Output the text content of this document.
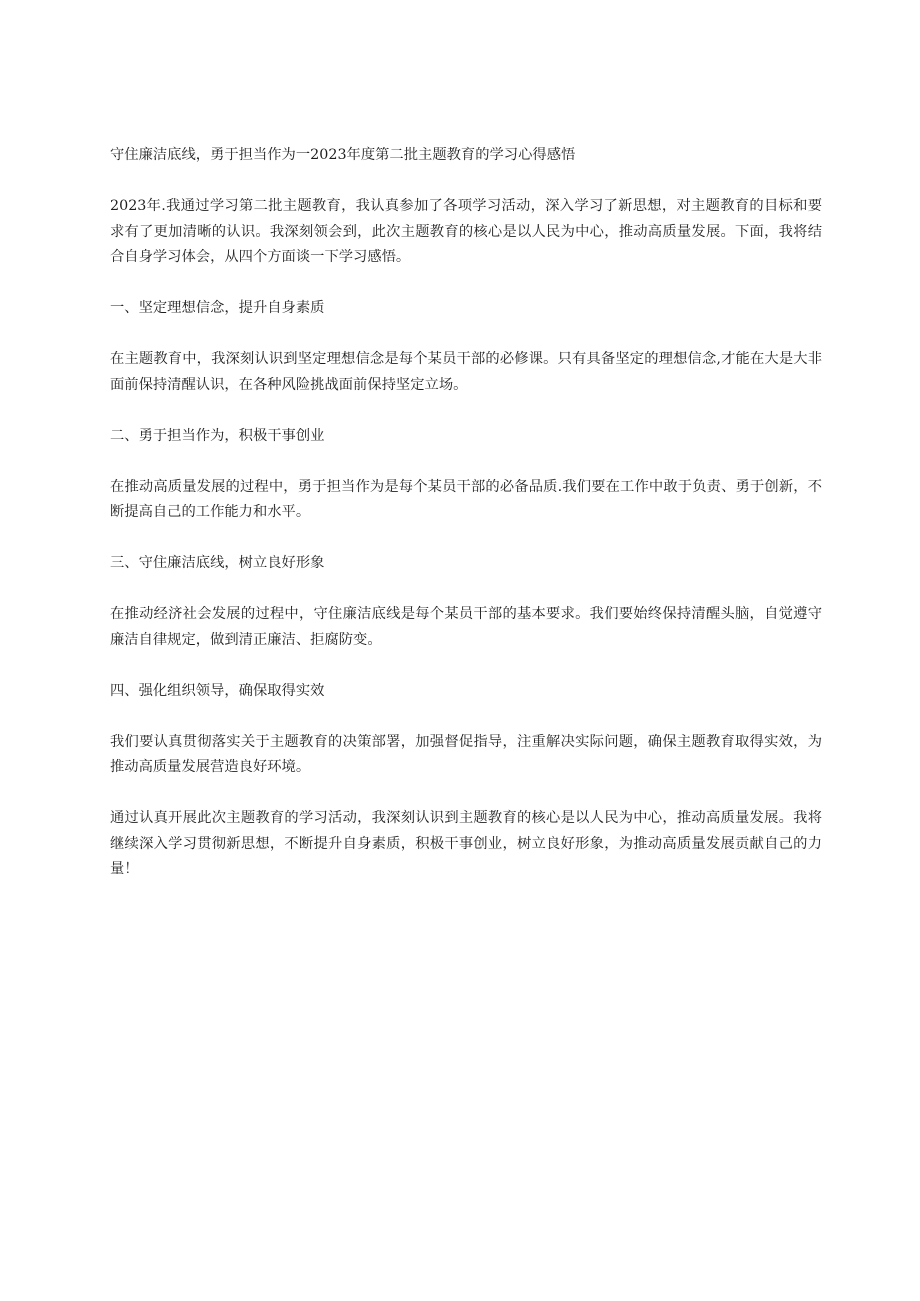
守住廉洁底线，勇于担当作为一2023年度第二批主题教育的学习心得感悟

2023年.我通过学习第二批主题教育，我认真参加了各项学习活动，深入学习了新思想，对主题教育的目标和要求有了更加清晰的认识。我深刻领会到，此次主题教育的核心是以人民为中心，推动高质量发展。下面，我将结合自身学习体会，从四个方面谈一下学习感悟。

一、坚定理想信念，提升自身素质

在主题教育中，我深刻认识到坚定理想信念是每个某员干部的必修课。只有具备坚定的理想信念,才能在大是大非面前保持清醒认识，在各种风险挑战面前保持坚定立场。

二、勇于担当作为，积极干事创业

在推动高质量发展的过程中，勇于担当作为是每个某员干部的必备品质.我们要在工作中敢于负责、勇于创新，不断提高自己的工作能力和水平。

三、守住廉洁底线，树立良好形象

在推动经济社会发展的过程中，守住廉洁底线是每个某员干部的基本要求。我们要始终保持清醒头脑，自觉遵守廉洁自律规定，做到清正廉洁、拒腐防变。

四、强化组织领导，确保取得实效

我们要认真贯彻落实关于主题教育的决策部署，加强督促指导，注重解决实际问题，确保主题教育取得实效，为推动高质量发展营造良好环境。

通过认真开展此次主题教育的学习活动，我深刻认识到主题教育的核心是以人民为中心，推动高质量发展。我将继续深入学习贯彻新思想，不断提升自身素质，积极干事创业，树立良好形象，为推动高质量发展贡献自己的力量！
